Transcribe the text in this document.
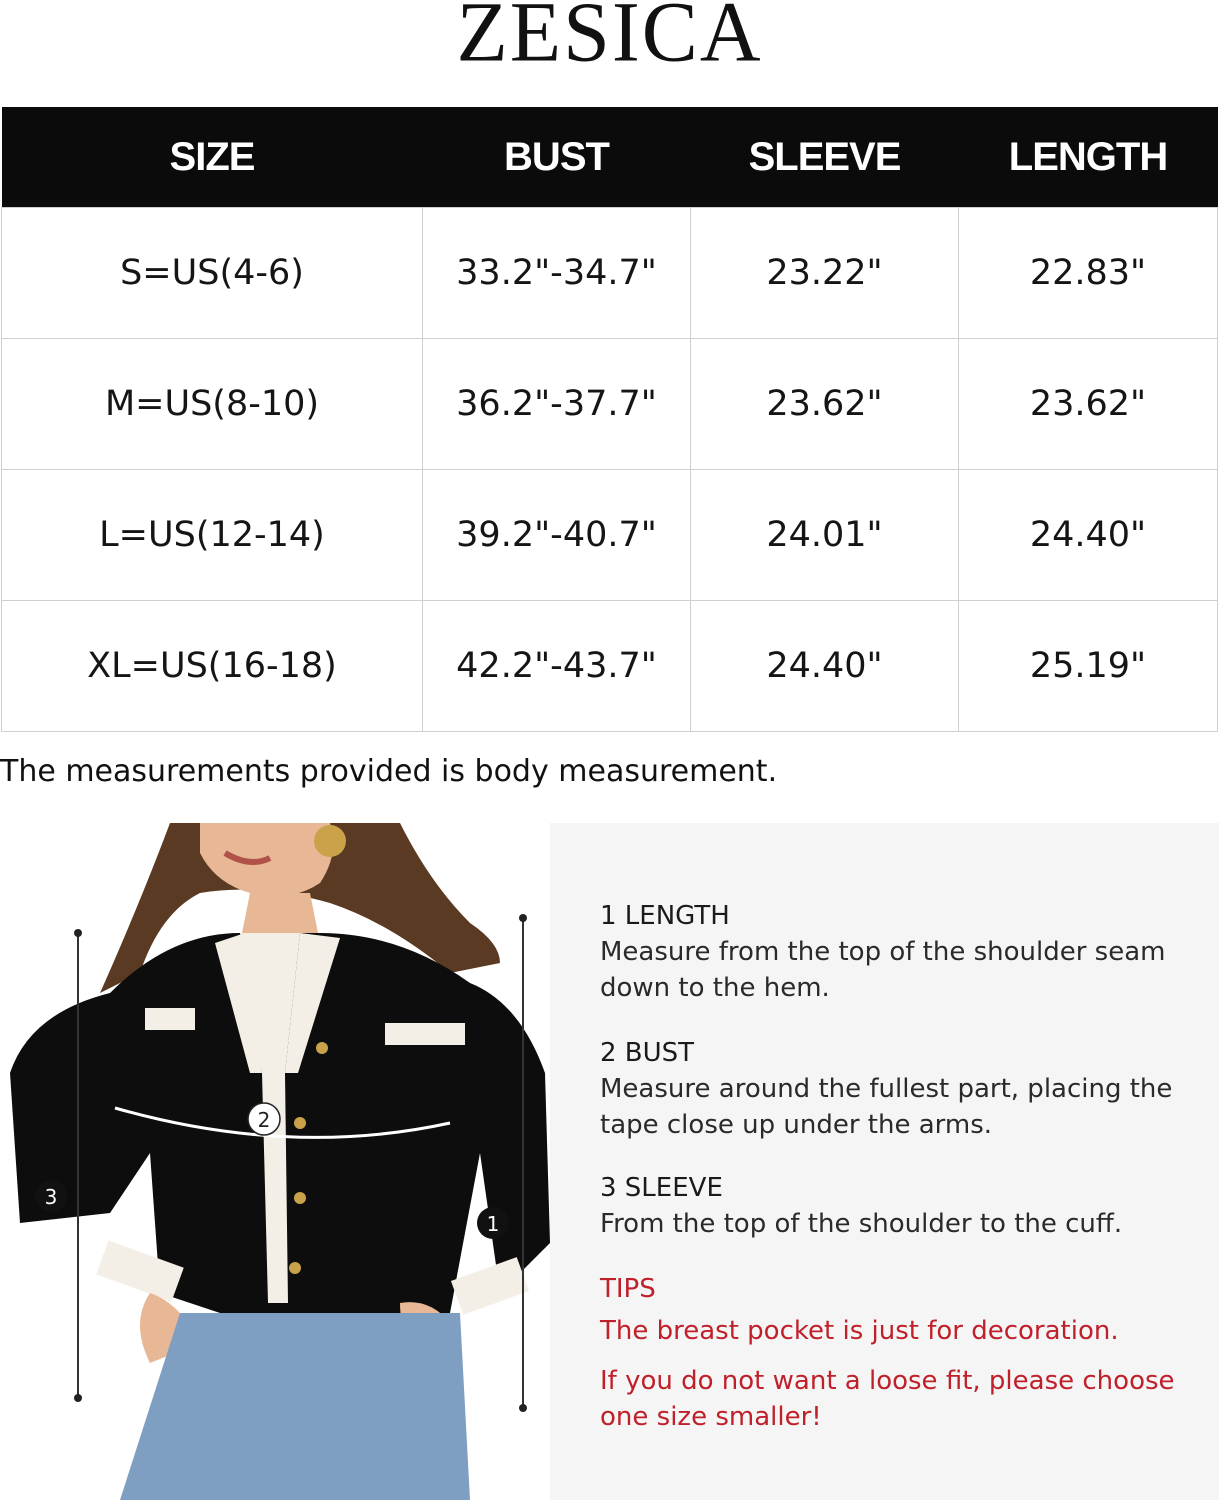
ZESICA
SIZE	BUST	SLEEVE	LENGTH
S=US(4-6)	33.2"-34.7"	23.22"	22.83"
M=US(8-10)	36.2"-37.7"	23.62"	23.62"
L=US(12-14)	39.2"-40.7"	24.01"	24.40"
XL=US(16-18)	42.2"-43.7"	24.40"	25.19"
The measurements provided is body measurement.
2
3
1
1 LENGTH
Measure from the top of the shoulder seam down to the hem.
2 BUST
Measure around the fullest part, placing the tape close up under the arms.
3 SLEEVE
From the top of the shoulder to the cuff.
TIPS
The breast pocket is just for decoration.
If you do not want a loose fit, please choose one size smaller!
